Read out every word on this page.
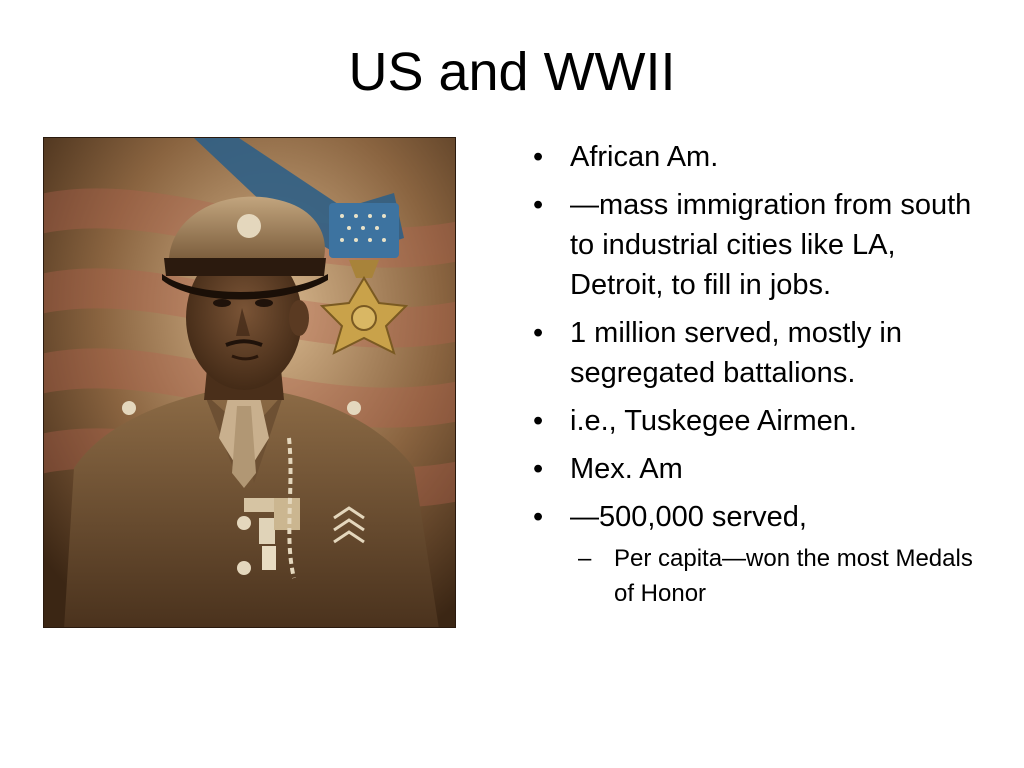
US and WWII
• African Am.
• —mass immigration from south to industrial cities like LA, Detroit, to fill in jobs.
• 1 million served, mostly in segregated battalions.
• i.e., Tuskegee Airmen.
• Mex. Am
• —500,000 served,
– Per capita—won the most Medals of Honor
